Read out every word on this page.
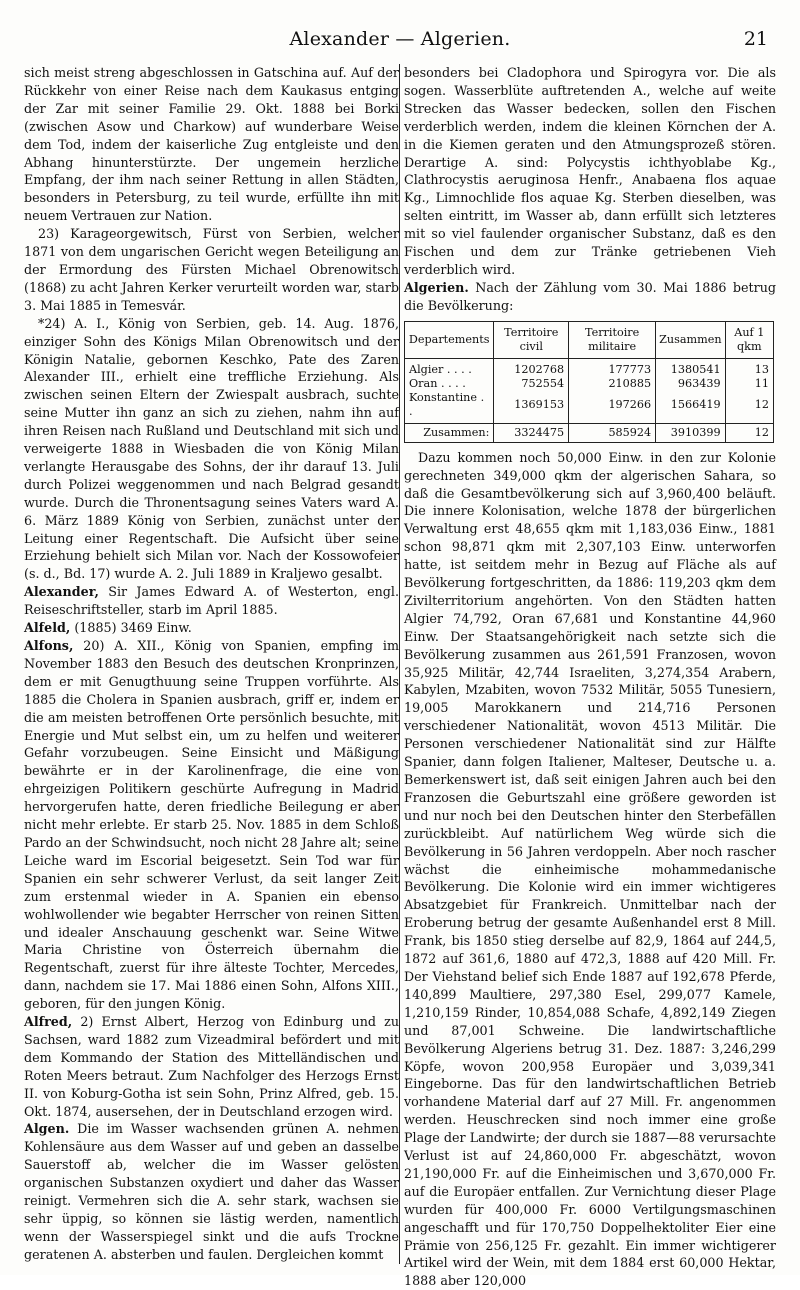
Alexander — Algerien.	21

sich meist streng abgeschlossen in Gatschina auf. Auf der Rückkehr von einer Reise nach dem Kaukasus entging der Zar mit seiner Familie 29. Okt. 1888 bei Borki (zwischen Asow und Charkow) auf wunderbare Weise dem Tod, indem der kaiserliche Zug entgleiste und den Abhang hinunterstürzte. Der ungemein herzliche Empfang, der ihm nach seiner Rettung in allen Städten, besonders in Petersburg, zu teil wurde, erfüllte ihn mit neuem Vertrauen zur Nation.

23) Karageorgewitsch, Fürst von Serbien, welcher 1871 von dem ungarischen Gericht wegen Beteiligung an der Ermordung des Fürsten Michael Obrenowitsch (1868) zu acht Jahren Kerker verurteilt worden war, starb 3. Mai 1885 in Temesvár.

*24) A. I., König von Serbien, geb. 14. Aug. 1876, einziger Sohn des Königs Milan Obrenowitsch und der Königin Natalie, gebornen Keschko, Pate des Zaren Alexander III., erhielt eine treffliche Erziehung. Als zwischen seinen Eltern der Zwiespalt ausbrach, suchte seine Mutter ihn ganz an sich zu ziehen, nahm ihn auf ihren Reisen nach Rußland und Deutschland mit sich und verweigerte 1888 in Wiesbaden die von König Milan verlangte Herausgabe des Sohns, der ihr darauf 13. Juli durch Polizei weggenommen und nach Belgrad gesandt wurde. Durch die Thronentsagung seines Vaters ward A. 6. März 1889 König von Serbien, zunächst unter der Leitung einer Regentschaft. Die Aufsicht über seine Erziehung behielt sich Milan vor. Nach der Kossowofeier (s. d., Bd. 17) wurde A. 2. Juli 1889 in Kraljewo gesalbt.

Alexander, Sir James Edward A. of Westerton, engl. Reiseschriftsteller, starb im April 1885.

Alfeld, (1885) 3469 Einw.

Alfons, 20) A. XII., König von Spanien, empfing im November 1883 den Besuch des deutschen Kronprinzen, dem er mit Genugthuung seine Truppen vorführte. Als 1885 die Cholera in Spanien ausbrach, griff er, indem er die am meisten betroffenen Orte persönlich besuchte, mit Energie und Mut selbst ein, um zu helfen und weiterer Gefahr vorzubeugen. Seine Einsicht und Mäßigung bewährte er in der Karolinenfrage, die eine von ehrgeizigen Politikern geschürte Aufregung in Madrid hervorgerufen hatte, deren friedliche Beilegung er aber nicht mehr erlebte. Er starb 25. Nov. 1885 in dem Schloß Pardo an der Schwindsucht, noch nicht 28 Jahre alt; seine Leiche ward im Escorial beigesetzt. Sein Tod war für Spanien ein sehr schwerer Verlust, da seit langer Zeit zum erstenmal wieder in A. Spanien ein ebenso wohlwollender wie begabter Herrscher von reinen Sitten und idealer Anschauung geschenkt war. Seine Witwe Maria Christine von Österreich übernahm die Regentschaft, zuerst für ihre älteste Tochter, Mercedes, dann, nachdem sie 17. Mai 1886 einen Sohn, Alfons XIII., geboren, für den jungen König.

Alfred, 2) Ernst Albert, Herzog von Edinburg und zu Sachsen, ward 1882 zum Vizeadmiral befördert und mit dem Kommando der Station des Mittelländischen und Roten Meers betraut. Zum Nachfolger des Herzogs Ernst II. von Koburg-Gotha ist sein Sohn, Prinz Alfred, geb. 15. Okt. 1874, ausersehen, der in Deutschland erzogen wird.

Algen. Die im Wasser wachsenden grünen A. nehmen Kohlensäure aus dem Wasser auf und geben an dasselbe Sauerstoff ab, welcher die im Wasser gelösten organischen Substanzen oxydiert und daher das Wasser reinigt. Vermehren sich die A. sehr stark, wachsen sie sehr üppig, so können sie lästig werden, namentlich wenn der Wasserspiegel sinkt und die aufs Trockne geratenen A. absterben und faulen. Dergleichen kommt

besonders bei Cladophora und Spirogyra vor. Die als sogen. Wasserblüte auftretenden A., welche auf weite Strecken das Wasser bedecken, sollen den Fischen verderblich werden, indem die kleinen Körnchen der A. in die Kiemen geraten und den Atmungsprozeß stören. Derartige A. sind: Polycystis ichthyoblabe Kg., Clathrocystis aeruginosa Henfr., Anabaena flos aquae Kg., Limnochlide flos aquae Kg. Sterben dieselben, was selten eintritt, im Wasser ab, dann erfüllt sich letzteres mit so viel faulender organischer Substanz, daß es den Fischen und dem zur Tränke getriebenen Vieh verderblich wird.

Algerien. Nach der Zählung vom 30. Mai 1886 betrug die Bevölkerung:

Departements	Territoire civil	Territoire militaire	Zusammen	Auf 1 qkm
Algier . . . .	1202768	177773	1380541	13
Oran . . . .	752554	210885	963439	11
Konstantine . .	1369153	197266	1566419	12
Zusammen:	3324475	585924	3910399	12

Dazu kommen noch 50,000 Einw. in den zur Kolonie gerechneten 349,000 qkm der algerischen Sahara, so daß die Gesamtbevölkerung sich auf 3,960,400 beläuft. Die innere Kolonisation, welche 1878 der bürgerlichen Verwaltung erst 48,655 qkm mit 1,183,036 Einw., 1881 schon 98,871 qkm mit 2,307,103 Einw. unterworfen hatte, ist seitdem mehr in Bezug auf Fläche als auf Bevölkerung fortgeschritten, da 1886: 119,203 qkm dem Zivilterritorium angehörten. Von den Städten hatten Algier 74,792, Oran 67,681 und Konstantine 44,960 Einw. Der Staatsangehörigkeit nach setzte sich die Bevölkerung zusammen aus 261,591 Franzosen, wovon 35,925 Militär, 42,744 Israeliten, 3,274,354 Arabern, Kabylen, Mzabiten, wovon 7532 Militär, 5055 Tunesiern, 19,005 Marokkanern und 214,716 Personen verschiedener Nationalität, wovon 4513 Militär. Die Personen verschiedener Nationalität sind zur Hälfte Spanier, dann folgen Italiener, Malteser, Deutsche u. a. Bemerkenswert ist, daß seit einigen Jahren auch bei den Franzosen die Geburtszahl eine größere geworden ist und nur noch bei den Deutschen hinter den Sterbefällen zurückbleibt. Auf natürlichem Weg würde sich die Bevölkerung in 56 Jahren verdoppeln. Aber noch rascher wächst die einheimische mohammedanische Bevölkerung. Die Kolonie wird ein immer wichtigeres Absatzgebiet für Frankreich. Unmittelbar nach der Eroberung betrug der gesamte Außenhandel erst 8 Mill. Frank, bis 1850 stieg derselbe auf 82,9, 1864 auf 244,5, 1872 auf 361,6, 1880 auf 472,3, 1888 auf 420 Mill. Fr. Der Viehstand belief sich Ende 1887 auf 192,678 Pferde, 140,899 Maultiere, 297,380 Esel, 299,077 Kamele, 1,210,159 Rinder, 10,854,088 Schafe, 4,892,149 Ziegen und 87,001 Schweine. Die landwirtschaftliche Bevölkerung Algeriens betrug 31. Dez. 1887: 3,246,299 Köpfe, wovon 200,958 Europäer und 3,039,341 Eingeborne. Das für den landwirtschaftlichen Betrieb vorhandene Material darf auf 27 Mill. Fr. angenommen werden. Heuschrecken sind noch immer eine große Plage der Landwirte; der durch sie 1887—88 verursachte Verlust ist auf 24,860,000 Fr. abgeschätzt, wovon 21,190,000 Fr. auf die Einheimischen und 3,670,000 Fr. auf die Europäer entfallen. Zur Vernichtung dieser Plage wurden für 400,000 Fr. 6000 Vertilgungsmaschinen angeschafft und für 170,750 Doppelhektoliter Eier eine Prämie von 256,125 Fr. gezahlt. Ein immer wichtigerer Artikel wird der Wein, mit dem 1884 erst 60,000 Hektar, 1888 aber 120,000
